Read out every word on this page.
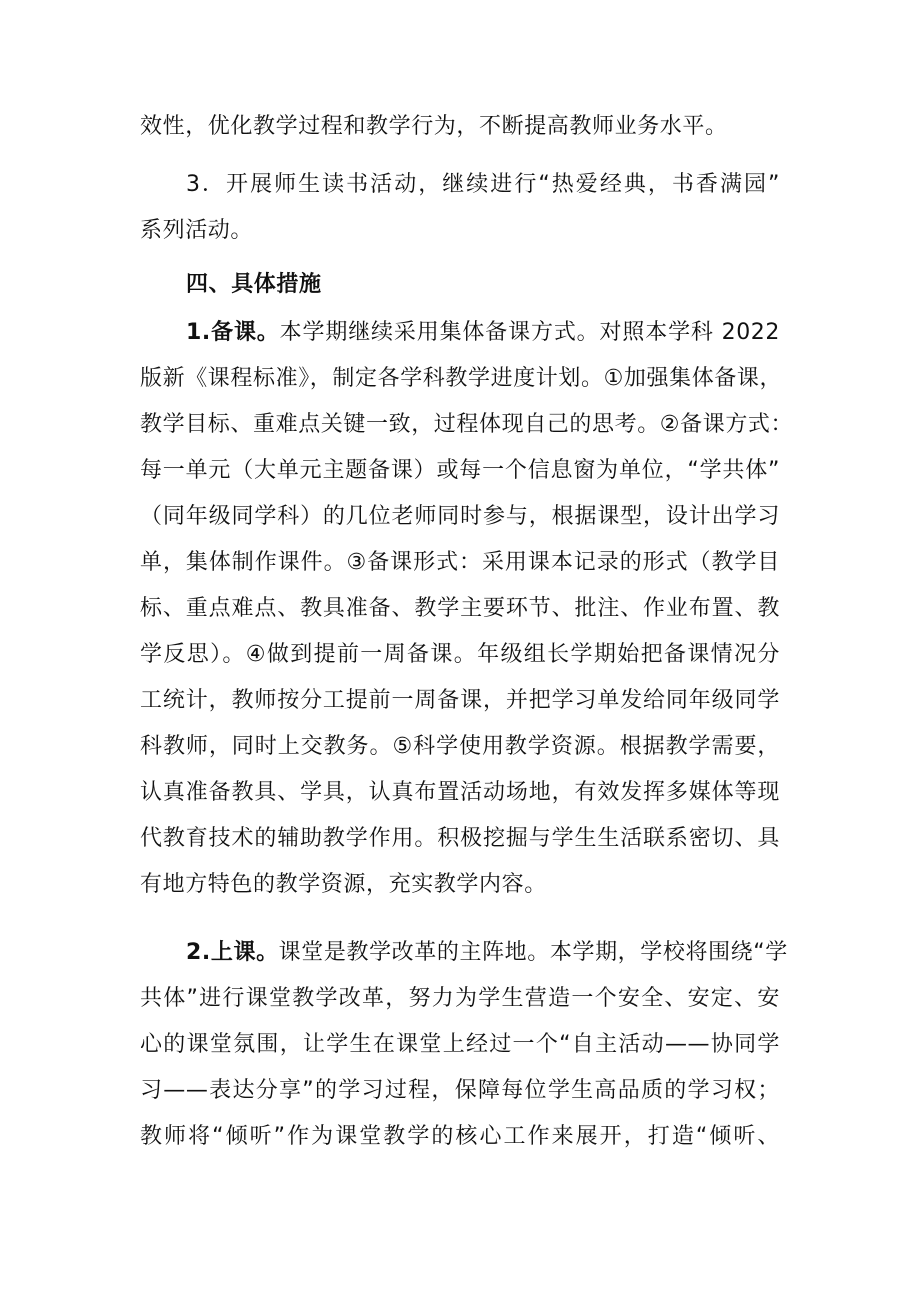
效性，优化教学过程和教学行为，不断提高教师业务水平。
3．开展师生读书活动，继续进行“热爱经典，书香满园”
系列活动。
四、具体措施
1.备课。本学期继续采用集体备课方式。对照本学科 2022
版新《课程标准》，制定各学科教学进度计划。①加强集体备课，
教学目标、重难点关键一致，过程体现自己的思考。②备课方式：
每一单元（大单元主题备课）或每一个信息窗为单位，“学共体”
（同年级同学科）的几位老师同时参与，根据课型，设计出学习
单，集体制作课件。③备课形式：采用课本记录的形式（教学目
标、重点难点、教具准备、教学主要环节、批注、作业布置、教
学反思）。④做到提前一周备课。年级组长学期始把备课情况分
工统计，教师按分工提前一周备课，并把学习单发给同年级同学
科教师，同时上交教务。⑤科学使用教学资源。根据教学需要，
认真准备教具、学具，认真布置活动场地，有效发挥多媒体等现
代教育技术的辅助教学作用。积极挖掘与学生生活联系密切、具
有地方特色的教学资源，充实教学内容。
2.上课。课堂是教学改革的主阵地。本学期，学校将围绕“学
共体”进行课堂教学改革，努力为学生营造一个安全、安定、安
心的课堂氛围，让学生在课堂上经过一个“自主活动——协同学
习——表达分享”的学习过程，保障每位学生高品质的学习权；
教师将“倾听”作为课堂教学的核心工作来展开，打造“倾听、
